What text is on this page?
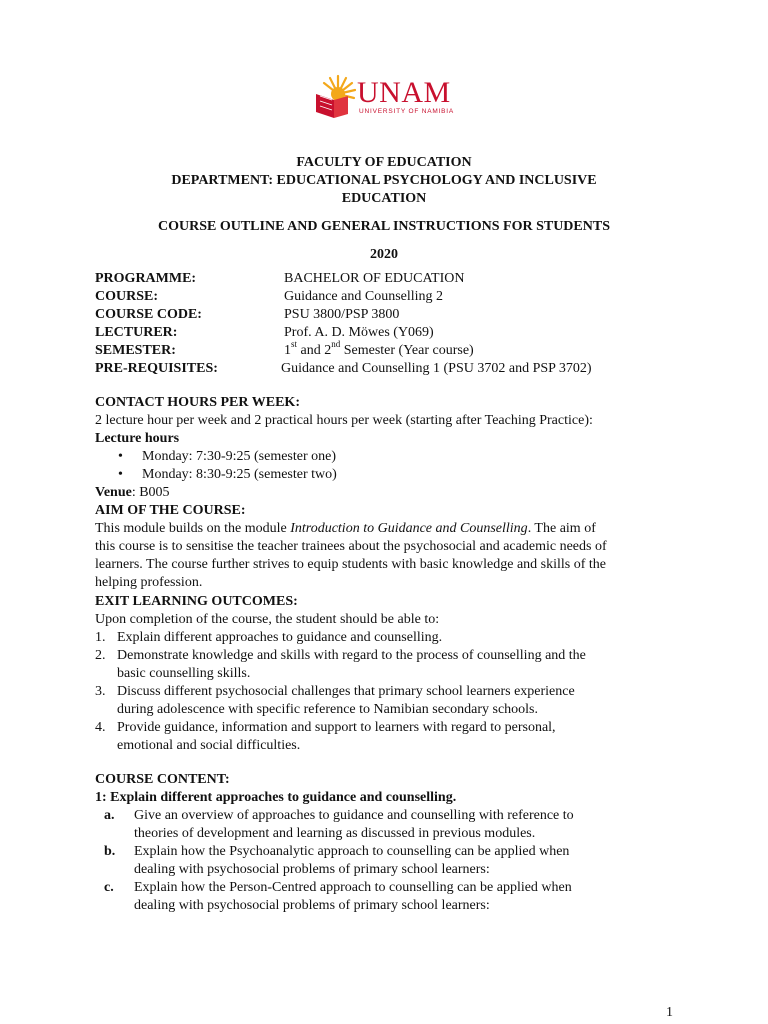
UNAM
UNIVERSITY OF NAMIBIA
FACULTY OF EDUCATION
DEPARTMENT: EDUCATIONAL PSYCHOLOGY AND INCLUSIVE
EDUCATION
COURSE OUTLINE AND GENERAL INSTRUCTIONS FOR STUDENTS
2020
PROGRAMME:	BACHELOR OF EDUCATION
COURSE:	Guidance and Counselling 2
COURSE CODE:	PSU 3800/PSP 3800
LECTURER:	Prof. A. D. Möwes (Y069)
SEMESTER:	1st and 2nd Semester (Year course)
PRE-REQUISITES:	Guidance and Counselling 1 (PSU 3702 and PSP 3702)
CONTACT HOURS PER WEEK:
2 lecture hour per week and 2 practical hours per week (starting after Teaching Practice):
Lecture hours
• Monday: 7:30-9:25 (semester one)
• Monday: 8:30-9:25 (semester two)
Venue: B005
AIM OF THE COURSE:
This module builds on the module Introduction to Guidance and Counselling. The aim of
this course is to sensitise the teacher trainees about the psychosocial and academic needs of
learners. The course further strives to equip students with basic knowledge and skills of the
helping profession.
EXIT LEARNING OUTCOMES:
Upon completion of the course, the student should be able to:
1. Explain different approaches to guidance and counselling.
2. Demonstrate knowledge and skills with regard to the process of counselling and the
basic counselling skills.
3. Discuss different psychosocial challenges that primary school learners experience
during adolescence with specific reference to Namibian secondary schools.
4. Provide guidance, information and support to learners with regard to personal,
emotional and social difficulties.
COURSE CONTENT:
1: Explain different approaches to guidance and counselling.
a. Give an overview of approaches to guidance and counselling with reference to
theories of development and learning as discussed in previous modules.
b. Explain how the Psychoanalytic approach to counselling can be applied when
dealing with psychosocial problems of primary school learners:
c. Explain how the Person-Centred approach to counselling can be applied when
dealing with psychosocial problems of primary school learners:
1
